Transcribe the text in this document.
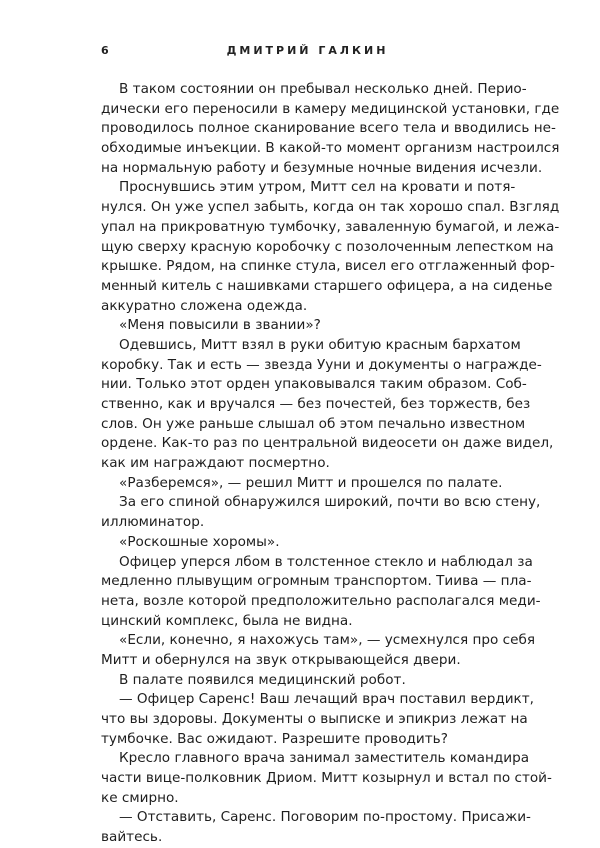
6	ДМИТРИЙ ГАЛКИН
В таком состоянии он пребывал несколько дней. Перио-
дически его переносили в камеру медицинской установки, где
проводилось полное сканирование всего тела и вводились не-
обходимые инъекции. В какой-то момент организм настроился
на нормальную работу и безумные ночные видения исчезли.
Проснувшись этим утром, Митт сел на кровати и потя-
нулся. Он уже успел забыть, когда он так хорошо спал. Взгляд
упал на прикроватную тумбочку, заваленную бумагой, и лежа-
щую сверху красную коробочку с позолоченным лепестком на
крышке. Рядом, на спинке стула, висел его отглаженный фор-
менный китель с нашивками старшего офицера, а на сиденье
аккуратно сложена одежда.
«Меня повысили в звании»?
Одевшись, Митт взял в руки обитую красным бархатом
коробку. Так и есть — звезда Ууни и документы о награжде-
нии. Только этот орден упаковывался таким образом. Соб-
ственно, как и вручался — без почестей, без торжеств, без
слов. Он уже раньше слышал об этом печально известном
ордене. Как-то раз по центральной видеосети он даже видел,
как им награждают посмертно.
«Разберемся», — решил Митт и прошелся по палате.
За его спиной обнаружился широкий, почти во всю стену,
иллюминатор.
«Роскошные хоромы».
Офицер уперся лбом в толстенное стекло и наблюдал за
медленно плывущим огромным транспортом. Тиива — пла-
нета, возле которой предположительно располагался меди-
цинский комплекс, была не видна.
«Если, конечно, я нахожусь там», — усмехнулся про себя
Митт и обернулся на звук открывающейся двери.
В палате появился медицинский робот.
— Офицер Саренс! Ваш лечащий врач поставил вердикт,
что вы здоровы. Документы о выписке и эпикриз лежат на
тумбочке. Вас ожидают. Разрешите проводить?
Кресло главного врача занимал заместитель командира
части вице-полковник Дриом. Митт козырнул и встал по стой-
ке смирно.
— Отставить, Саренс. Поговорим по-простому. Присажи-
вайтесь.
